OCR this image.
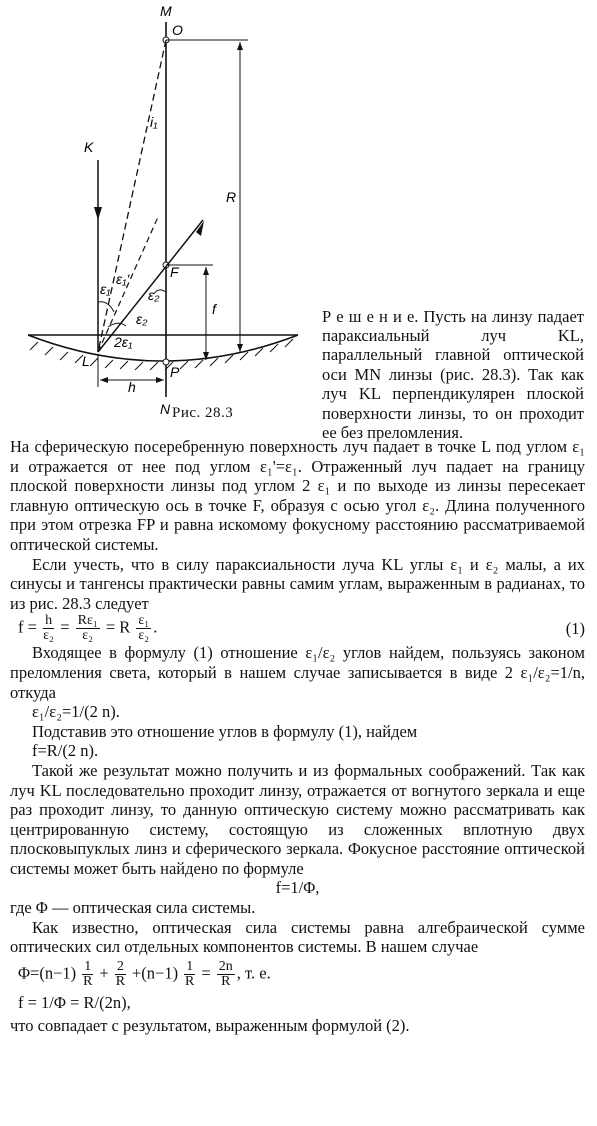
M
O
K
i₁
R
F
f
ε₁
ε₁'
ε₂
ε₂
2ε₁
L
h
P
N Рис. 28.3

Р е ш е н и е. Пусть на линзу падает параксиальный луч KL, параллельный главной оптической оси MN линзы (рис. 28.3). Так как луч KL перпендикулярен плоской поверхности линзы, то он проходит ее без преломления.

На сферическую посеребренную поверхность луч падает в точке L под углом ε₁ и отражается от нее под углом ε₁'=ε₁. Отраженный луч падает на границу плоской поверхности линзы под углом 2 ε₁ и по выходе из линзы пересекает главную оптическую ось в точке F, образуя с осью угол ε₂. Длина полученного при этом отрезка FP и равна искомому фокусному расстоянию рассматриваемой оптической системы.

Если учесть, что в силу параксиальности луча KL углы ε₁ и ε₂ малы, а их синусы и тангенсы практически равны самим углам, выраженным в радианах, то из рис. 28.3 следует

$f = \frac{h}{\text{ε₂}} = \frac{\text{Rε₁}}{\text{ε₂}} = R \frac{\text{ε₁}}{\text{ε₂}}$ .	(1)

Входящее в формулу (1) отношение ε₁/ε₂ углов найдем, пользуясь законом преломления света, который в нашем случае записывается в виде 2 ε₁/ε₂=1/n, откуда

ε₁/ε₂=1/(2 n).

Подставив это отношение углов в формулу (1), найдем

f=R/(2 n).

Такой же результат можно получить и из формальных соображений. Так как луч KL последовательно проходит линзу, отражается от вогнутого зеркала и еще раз проходит линзу, то данную оптическую систему можно рассматривать как центрированную систему, состоящую из сложенных вплотную двух плосковыпуклых линз и сферического зеркала. Фокусное расстояние оптической системы может быть найдено по формуле

f=1/Φ,

где Φ — оптическая сила системы.

Как известно, оптическая сила системы равна алгебраической сумме оптических сил отдельных компонентов системы. В нашем случае

$\Phi=(n-1) \frac{1}{R} + \frac{2}{R} +(n-1) \frac{1}{R} = \frac{2n}{R}$ , т. е.

f = 1/Φ = R/(2n),

что совпадает с результатом, выраженным формулой (2).
